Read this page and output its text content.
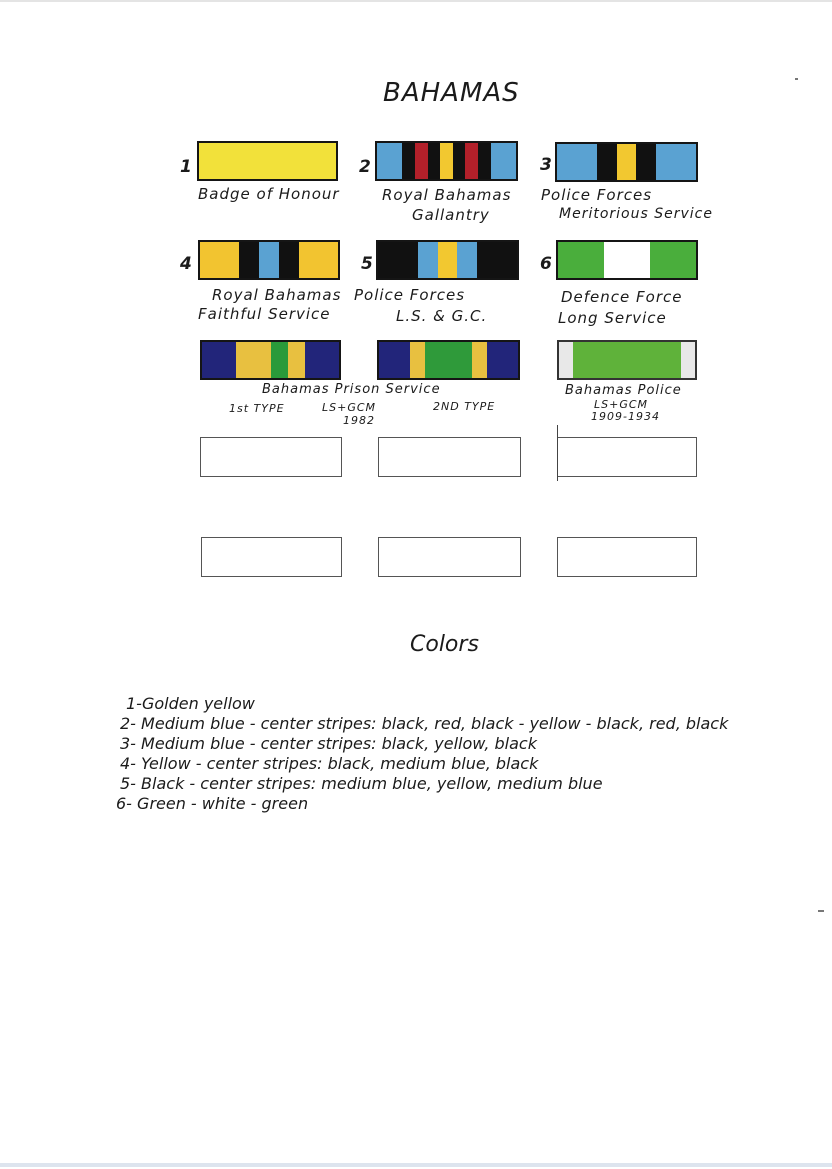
BAHAMAS
1	2	3
Badge of Honour	Royal Bahamas Police Forces
Gallantry	Meritorious Service
4	5	6
Royal Bahamas Police Forces	Defence Force
Faithful Service	L.S. & G.C.	Long Service
Bahamas Prison Service
1st TYPE	LS+GCM
1982
2ND TYPE
Bahamas Police
LS+GCM
1909-1934
Colors
1-Golden yellow
2- Medium blue - center stripes: black, red, black - yellow - black, red, black
3- Medium blue - center stripes: black, yellow, black
4- Yellow - center stripes: black, medium blue, black
5- Black - center stripes: medium blue, yellow, medium blue
6- Green - white - green
